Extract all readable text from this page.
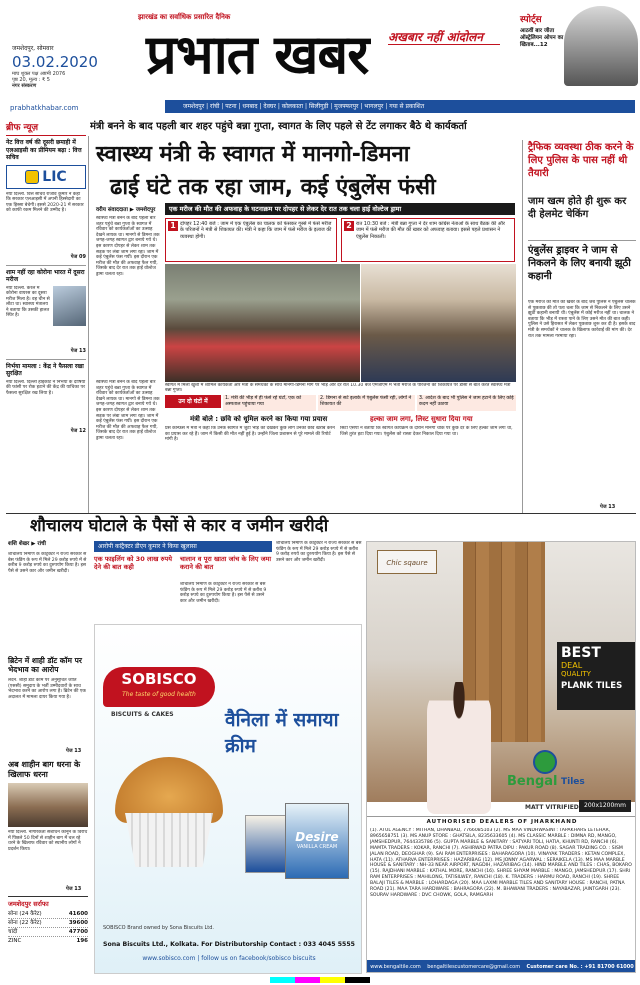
झारखंड का सर्वाधिक प्रसारित दैनिक
प्रभात खबर अखबार नहीं आंदोलन
जमशेदपुर, सोमवार
03.02.2020
माघ शुक्ल पक्ष अष्टमी 2076
पृष्ठ 20, मूल्य : ₹ 5
नगर संस्करण
स्पोर्ट्स
आठवीं बार जीता ऑस्ट्रेलियन ओपन का खिताब...12
prabhatkhabar.com	जमशेदपुर | रांची | पटना | धनबाद | देवघर | कोलकाता | सिलीगुड़ी | मुजफ्फरपुर | भागलपुर | गया से प्रकाशित
मंत्री बनने के बाद पहली बार शहर पहुंचे बन्ना गुप्ता, स्वागत के लिए पहले से टेंट लगाकर बैठे थे कार्यकर्ता
ब्रीफ न्यूज़
नेट वित्त वर्ष की दूसरी छमाही में एलआइसी का प्रीमियम बढ़ा : वित्त सचिव
LIC
नयी दिल्ली. वित्त सचिव राजीव कुमार ने कहा कि सरकार एलआइसी में अपनी हिस्सेदारी का एक हिस्सा बेचेगी। इससे 2020-21 में सरकार को काफी रकम मिलने की उम्मीद है।
पेज 09
शाम नहीं रहा कोरोना भारत में दूसरा मरीज
नयी दिल्ली. केरल में कोरोना वायरस का दूसरा मरीज मिला है। वह चीन से लौटा था। स्वास्थ्य मंत्रालय ने बताया कि उसकी हालत स्थिर है।
पेज 13
निर्भया मामला : केंद्र ने फैसला रखा सुरक्षित
नयी दिल्ली. दिल्ली हाइकोर्ट ने निर्भया के दोषियों की फांसी पर रोक हटाने की केंद्र की याचिका पर फैसला सुरक्षित रख लिया है।
पेज 12
स्वास्थ्य मंत्री के स्वागत में मानगो-डिमना
ढाई घंटे तक रहा जाम, कई एंबुलेंस फंसी
वरीय संवाददाता ▶ जमशेदपुर
स्वास्थ्य मंत्री बनने के बाद पहली बार शहर पहुंचे बन्ना गुप्ता के स्वागत में रविवार को कार्यकर्ताओं का उत्साह देखने लायक था। मानगो से डिमना तक जगह-जगह स्वागत द्वार बनाये गये थे। इस कारण दोपहर से लेकर शाम तक सड़क पर लंबा जाम लगा रहा। जाम में कई एंबुलेंस फंस गयीं। इस दौरान एक मरीज की मौत की अफवाह फैल गयी, जिसके बाद देर रात तक हाई वोल्टेज ड्रामा चलता रहा।
एक मरीज की मौत की अफवाह के घटनाक्रम पर दोपहर से लेकर देर रात तक चला हाई वोल्टेज ड्रामा
1 दोपहर 12:40 बजे : जाम में एक एंबुलेंस का चालक को फंसकर गुस्से में फंसे मरीज के परिजनों ने मंत्री से शिकायत की। मंत्री ने कहा कि जाम में फंसे मरीज के इलाज की व्यवस्था होगी।
2 रात 10:30 बजे : मंत्री बन्ना गुप्ता ने देर शाम कांग्रेस नेताओं के साथ बैठक की और जाम में फंसे मरीज की मौत की खबर को अफवाह बताया। इससे पहले प्रशासन ने एंबुलेंस निकाली।
स्वागत में मिली खुशी में शामिल कार्यकर्ता और मंत्री के समर्थकों के साथ मानगो-डिमना मार्ग पर भीड़ और देर रात 10.30 बजे एमजीएम में भर्ती मरीज के परिजनों की शिकायत पर डीसी से बात करते स्वास्थ्य मंत्री बन्ना गुप्ता।
उन दो घंटों में	1. मंत्री की भीड़ में ही फंसे रहे घंटों, एक को अस्पताल पहुंचाया गया
2. डिमना से सटे इलाके में एंबुलेंस फंसी रही, लोगों ने शिकायत की
3. आदेश के बाद भी पुलिस ने जाम हटाने के लिए कोई कदम नहीं उठाया
स्वास्थ्य मंत्री बनने के बाद पहली बार शहर पहुंचे बन्ना गुप्ता के स्वागत में रविवार को कार्यकर्ताओं का उत्साह देखने लायक था। मानगो से डिमना तक जगह-जगह स्वागत द्वार बनाये गये थे। इस कारण दोपहर से लेकर शाम तक सड़क पर लंबा जाम लगा रहा। जाम में कई एंबुलेंस फंस गयीं। इस दौरान एक मरीज की मौत की अफवाह फैल गयी, जिसके बाद देर रात तक हाई वोल्टेज ड्रामा चलता रहा।
मंत्री बोले : छवि को धूमिल करने का किया गया प्रयास
प्रेस कॉन्फ्रेंस में मंत्री ने कहा कि उनके स्वागत में जुटी भीड़ को देखकर कुछ लोग उनकी छवि खराब करने का प्रयास कर रहे हैं। जाम में किसी की मौत नहीं हुई है। उन्होंने जिला प्रशासन से पूरे मामले की रिपोर्ट मांगी है।
हल्का जाम लगा, लिस्ट सुधारा दिया गया
सिटी एसपी ने बताया कि स्वागत कार्यक्रम के दौरान मानगो चौक पर कुछ देर के लिए हल्का जाम लगा था, जिसे तुरंत हटा दिया गया। एंबुलेंस को रास्ता देकर निकाल दिया गया था।
ट्रैफिक व्यवस्था ठीक करने के लिए पुलिस के पास नहीं थी तैयारी
जाम खत्म होते ही शुरू कर दी हेलमेट चेकिंग
एंबुलेंस ड्राइवर ने जाम से निकलने के लिए बनायी झूठी कहानी
एक मरीज की मौत की खबर के बाद जब पुलिस ने एंबुलेंस चालक से पूछताछ की तो पता चला कि जाम से निकलने के लिए उसने झूठी कहानी बनायी थी। एंबुलेंस में कोई मरीज नहीं था। चालक ने बताया कि भीड़ में रास्ता पाने के लिए उसने मौत की बात कही। पुलिस ने उसे हिरासत में लेकर पूछताछ शुरू कर दी है। इसके बाद मंत्री के समर्थकों ने चालक के खिलाफ कार्रवाई की मांग की। देर रात तक मामला गरमाया रहा।
पेज 13
शौचालय घोटाले के पैसों से कार व जमीन खरीदी
शशि शेखर ▶ रांची
शौचालय निर्माण के कांट्रैक्टर ने राज्य सरकार से बेस फंडिंग के रूप में मिले 29 करोड़ रुपये में से करीब 9 करोड़ रुपये का दुरुपयोग किया है। इस पैसे से उसने कार और जमीन खरीदी।
आरोपी कांट्रैक्टर डीएन कुमार ने किया खुलासा
एक फाइलिंग को 30 लाख रुपये देने की बात कही
चालान व पूरा खाता जांच के लिए जमा कराने की बात
शौचालय निर्माण के कांट्रैक्टर ने राज्य सरकार से बेस फंडिंग के रूप में मिले 29 करोड़ रुपये में से करीब 9 करोड़ रुपये का दुरुपयोग किया है। इस पैसे से उसने कार और जमीन खरीदी।
शौचालय निर्माण के कांट्रैक्टर ने राज्य सरकार से बेस फंडिंग के रूप में मिले 29 करोड़ रुपये में से करीब 9 करोड़ रुपये का दुरुपयोग किया है। इस पैसे से उसने कार और जमीन खरीदी।
ब्रिटेन में शाही डॉट कॉम पर भेदभाव का आरोप
लंदन. शाही डॉट कॉम पर अनुसूचित जाति (एससी) समुदाय के भर्ती उम्मीदवारों के साथ भेदभाव करने का आरोप लगा है। ब्रिटेन की एक अदालत में मामला दायर किया गया है।
पेज 13
अब शाहीन बाग धरना के खिलाफ धरना
नयी दिल्ली. नागरिकता संशोधन कानून के विरोध में पिछले 50 दिनों से शाहीन बाग में चल रहे धरने के खिलाफ रविवार को स्थानीय लोगों ने प्रदर्शन किया।
पेज 13
जमशेदपुर सर्राफा
सोना (24 कैरेट)	41600
सोना (22 कैरेट)	39600
चांदी	47700
ZINC	196
SOBISCO
The taste of good health
BISCUITS & CAKES	वैनिला में समाया क्रीम
Desire
VANILLA CREAM
SOBISCO Brand owned by Sona Biscuits Ltd.
Sona Biscuits Ltd., Kolkata. For Distributorship Contact : 033 4045 5555
www.sobisco.com | follow us on facebook/sobisco biscuits
Chic sqaure
BEST
DEAL
QUALITY
PLANK TILES
Bengal Tiles
MATT VITRIFIED 200x1200mm
AUTHORISED DEALERS OF JHARKHAND
(1). ATUL AGENCY : MITHAN, DHANBAD, 7766085103 (2). MS MAA VINDHWASINI : TAPAKHARS LETEHAR, 8965658751 (3). MS ANUP STORE : GHATSILA, 8235633605 (4). MS CLASSIC MARBLE : DIMNA RD, MANGO, JAMSHEDPUR, 7644335786 (5). GUPTA MARBLE & SANITARY : SATYARI TOLI, HATIA, KHUNTI RD, RANCHI (6). MAMTA TRADERS : KOKAR, RANCHI (7). ASHIRWAD PATRA DIPU : PAKUR ROAD (8). SAGAR TRADING CO. : SISM JALAN ROAD, DEOGHAR (9). SAI RAM ENTERPRISES : BAHARAGORA (10). VINAYAK TRADERS : KETAN COMPLEX, HATA (11). ATHARVA ENTERPRISES : HAZARIBAG (12). MS JONNY AGARWAL : SERAIKELA (13). MS MAA MARBLE HOUSE & SANITARY : NH-33 NEAR AIRPORT, NAGDIH, HAZARIBAG (14). HIND MARBLE AND TILES : CHAS, BOKARO (15). RAJDHANI MARBLE : KATHAL MORE, RANCHI (16). SHREE SHYAM MARBLE : MANGO, JAMSHEDPUR (17). SHRI RAM ENTERPRISES : MAHILONG, TATISILWEY, RANCHI (18). K. TRADERS : HARMU ROAD, RANCHI (19). SHREE BALAJI TILES & MARBLE : LOHARDAGA (20). MAA LAXMI MARBLE TILES AND SANITARY HOUSE : RANCHI, PATNA ROAD (21). MAA TARA HARDWARE : BAHRAGORA (22). M. BHAWANI TRADERS : NAYABAZAR, JAINTGARH (23). SOURAV HARDWARE : DVC CHOWK, GOLA, RAMGARH
www.bengaltile.com bengaltilescustomercare@gmail.com Customer care No. : +91 81700 61000
